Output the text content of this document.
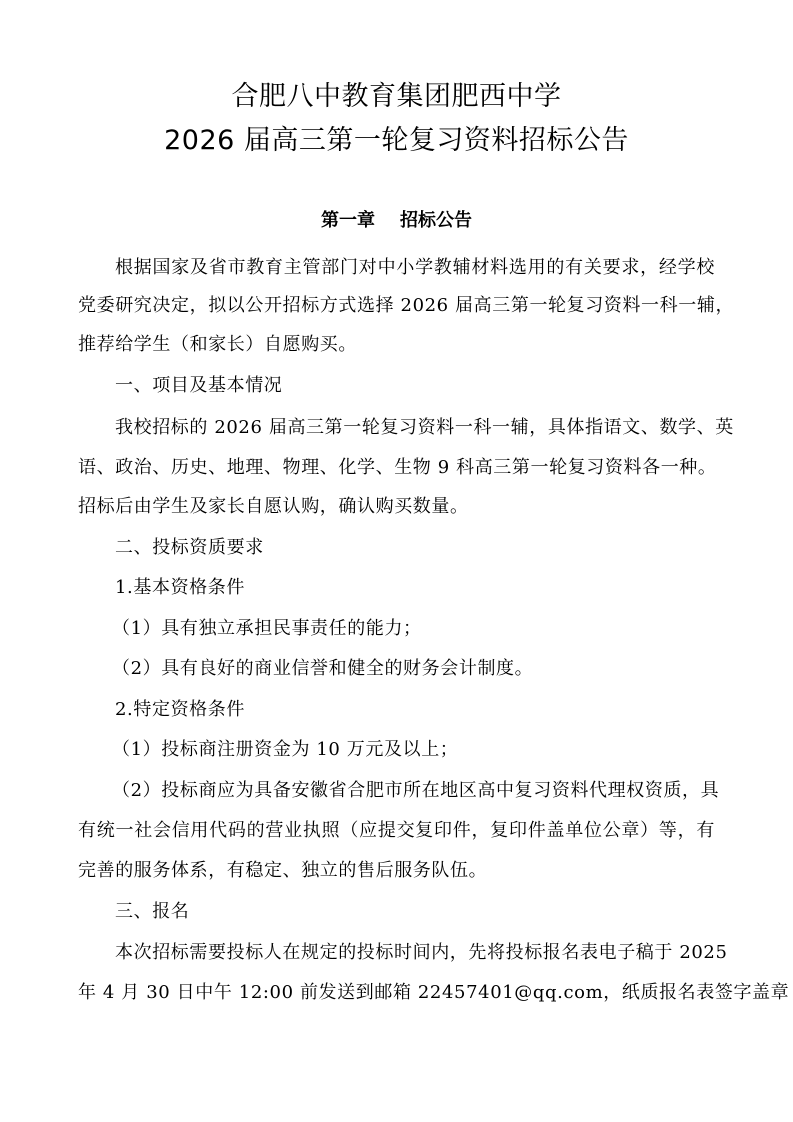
合肥八中教育集团肥西中学
2026 届高三第一轮复习资料招标公告
第一章    招标公告
根据国家及省市教育主管部门对中小学教辅材料选用的有关要求，经学校
党委研究决定，拟以公开招标方式选择 2026 届高三第一轮复习资料一科一辅，
推荐给学生（和家长）自愿购买。
一、项目及基本情况
我校招标的 2026 届高三第一轮复习资料一科一辅，具体指语文、数学、英
语、政治、历史、地理、物理、化学、生物 9 科高三第一轮复习资料各一种。
招标后由学生及家长自愿认购，确认购买数量。
二、投标资质要求
1.基本资格条件
（1）具有独立承担民事责任的能力；
（2）具有良好的商业信誉和健全的财务会计制度。
2.特定资格条件
（1）投标商注册资金为 10 万元及以上；
（2）投标商应为具备安徽省合肥市所在地区高中复习资料代理权资质，具
有统一社会信用代码的营业执照（应提交复印件，复印件盖单位公章）等，有
完善的服务体系，有稳定、独立的售后服务队伍。
三、报名
本次招标需要投标人在规定的投标时间内，先将投标报名表电子稿于 2025
年 4 月 30 日中午 12:00 前发送到邮箱 22457401@qq.com，纸质报名表签字盖章
